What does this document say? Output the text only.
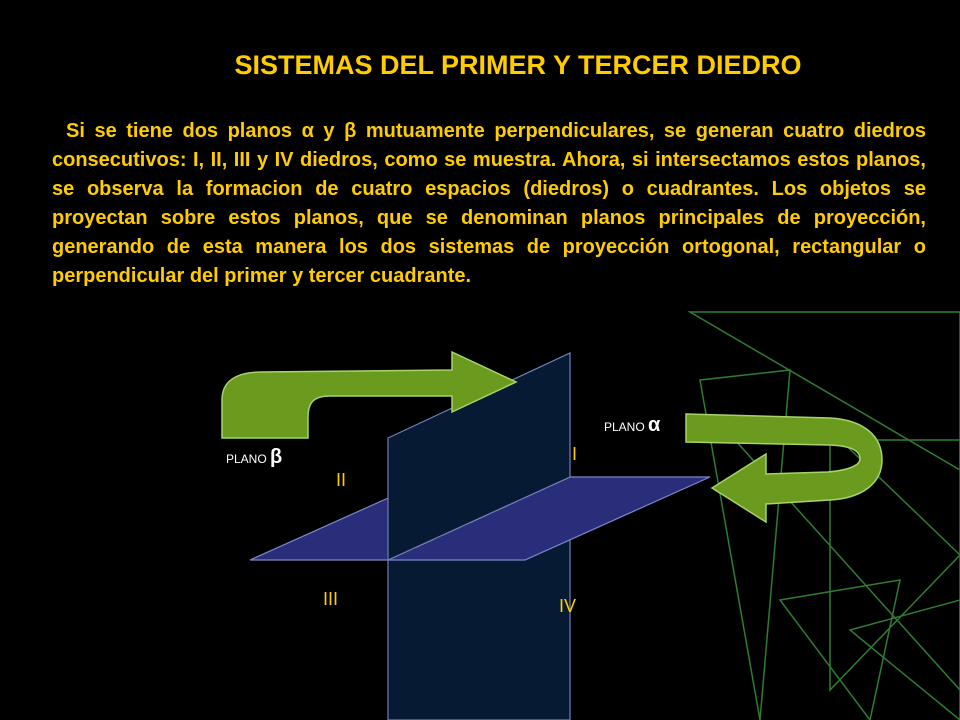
SISTEMAS DEL PRIMER Y TERCER DIEDRO
Si se tiene dos planos α y β mutuamente perpendiculares, se generan cuatro diedros consecutivos: I, II, III y IV diedros, como se muestra. Ahora, si intersectamos estos planos, se observa la formacion de cuatro espacios (diedros) o cuadrantes. Los objetos se proyectan sobre estos planos, que se denominan planos principales de proyección, generando de esta manera los dos sistemas de proyección ortogonal, rectangular o perpendicular del primer y tercer cuadrante.
PLANO β
PLANO α
I
II
III	IV
